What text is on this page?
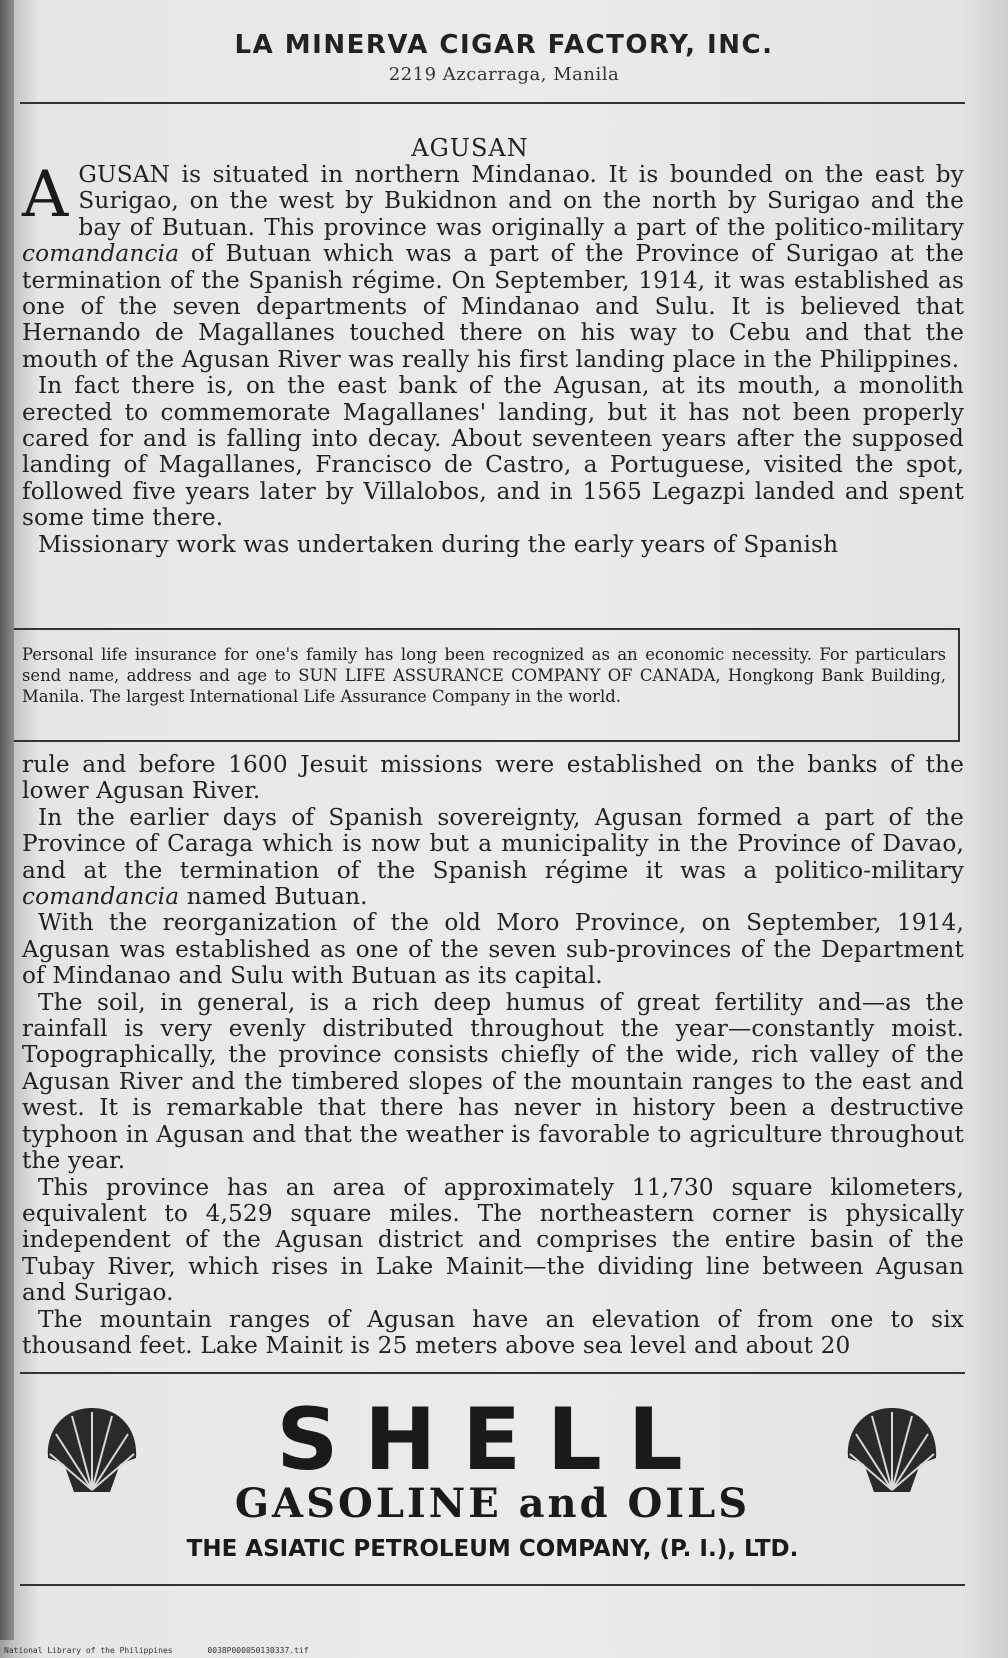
LA MINERVA CIGAR FACTORY, INC.
2219 Azcarraga, Manila
AGUSAN

AGUSAN is situated in northern Mindanao. It is bounded on the east by Surigao, on the west by Bukidnon and on the north by Surigao and the bay of Butuan. This province was originally a part of the politico-military comandancia of Butuan which was a part of the Province of Surigao at the termination of the Spanish régime. On September, 1914, it was established as one of the seven departments of Mindanao and Sulu. It is believed that Hernando de Magallanes touched there on his way to Cebu and that the mouth of the Agusan River was really his first landing place in the Philippines.

In fact there is, on the east bank of the Agusan, at its mouth, a monolith erected to commemorate Magallanes' landing, but it has not been properly cared for and is falling into decay. About seventeen years after the supposed landing of Magallanes, Francisco de Castro, a Portuguese, visited the spot, followed five years later by Villalobos, and in 1565 Legazpi landed and spent some time there.

Missionary work was undertaken during the early years of Spanish

Personal life insurance for one's family has long been recognized as an economic necessity. For particulars send name, address and age to SUN LIFE ASSURANCE COMPANY OF CANADA, Hongkong Bank Building, Manila. The largest International Life Assurance Company in the world.

rule and before 1600 Jesuit missions were established on the banks of the lower Agusan River.

In the earlier days of Spanish sovereignty, Agusan formed a part of the Province of Caraga which is now but a municipality in the Province of Davao, and at the termination of the Spanish régime it was a politico-military comandancia named Butuan.

With the reorganization of the old Moro Province, on September, 1914, Agusan was established as one of the seven sub-provinces of the Department of Mindanao and Sulu with Butuan as its capital.

The soil, in general, is a rich deep humus of great fertility and—as the rainfall is very evenly distributed throughout the year—constantly moist. Topographically, the province consists chiefly of the wide, rich valley of the Agusan River and the timbered slopes of the mountain ranges to the east and west. It is remarkable that there has never in history been a destructive typhoon in Agusan and that the weather is favorable to agriculture throughout the year.

This province has an area of approximately 11,730 square kilometers, equivalent to 4,529 square miles. The northeastern corner is physically independent of the Agusan district and comprises the entire basin of the Tubay River, which rises in Lake Mainit—the dividing line between Agusan and Surigao.

The mountain ranges of Agusan have an elevation of from one to six thousand feet. Lake Mainit is 25 meters above sea level and about 20

SHELL
GASOLINE and OILS
THE ASIATIC PETROLEUM COMPANY, (P. I.), LTD.
National Library of the Philippines	0038P000050130337.tif
